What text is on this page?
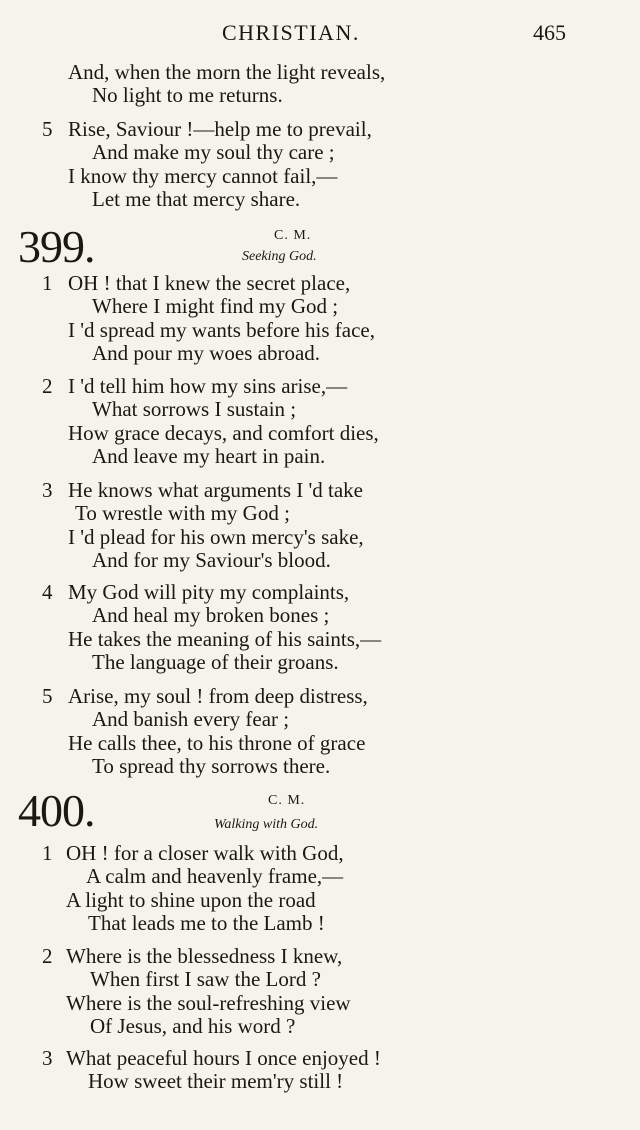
CHRISTIAN.	465
And, when the morn the light reveals,
No light to me returns.
5 Rise, Saviour !—help me to prevail,
And make my soul thy care ;
I know thy mercy cannot fail,—
Let me that mercy share.
399.	C. M.
Seeking God.
1 OH ! that I knew the secret place,
Where I might find my God ;
I 'd spread my wants before his face,
And pour my woes abroad.
2 I 'd tell him how my sins arise,—
What sorrows I sustain ;
How grace decays, and comfort dies,
And leave my heart in pain.
3 He knows what arguments I 'd take
To wrestle with my God ;
I 'd plead for his own mercy's sake,
And for my Saviour's blood.
4 My God will pity my complaints,
And heal my broken bones ;
He takes the meaning of his saints,—
The language of their groans.
5 Arise, my soul ! from deep distress,
And banish every fear ;
He calls thee, to his throne of grace
To spread thy sorrows there.
400.	C. M.
Walking with God.
1 OH ! for a closer walk with God,
A calm and heavenly frame,—
A light to shine upon the road
That leads me to the Lamb !
2 Where is the blessedness I knew,
When first I saw the Lord ?
Where is the soul-refreshing view
Of Jesus, and his word ?
3 What peaceful hours I once enjoyed !
How sweet their mem'ry still !
